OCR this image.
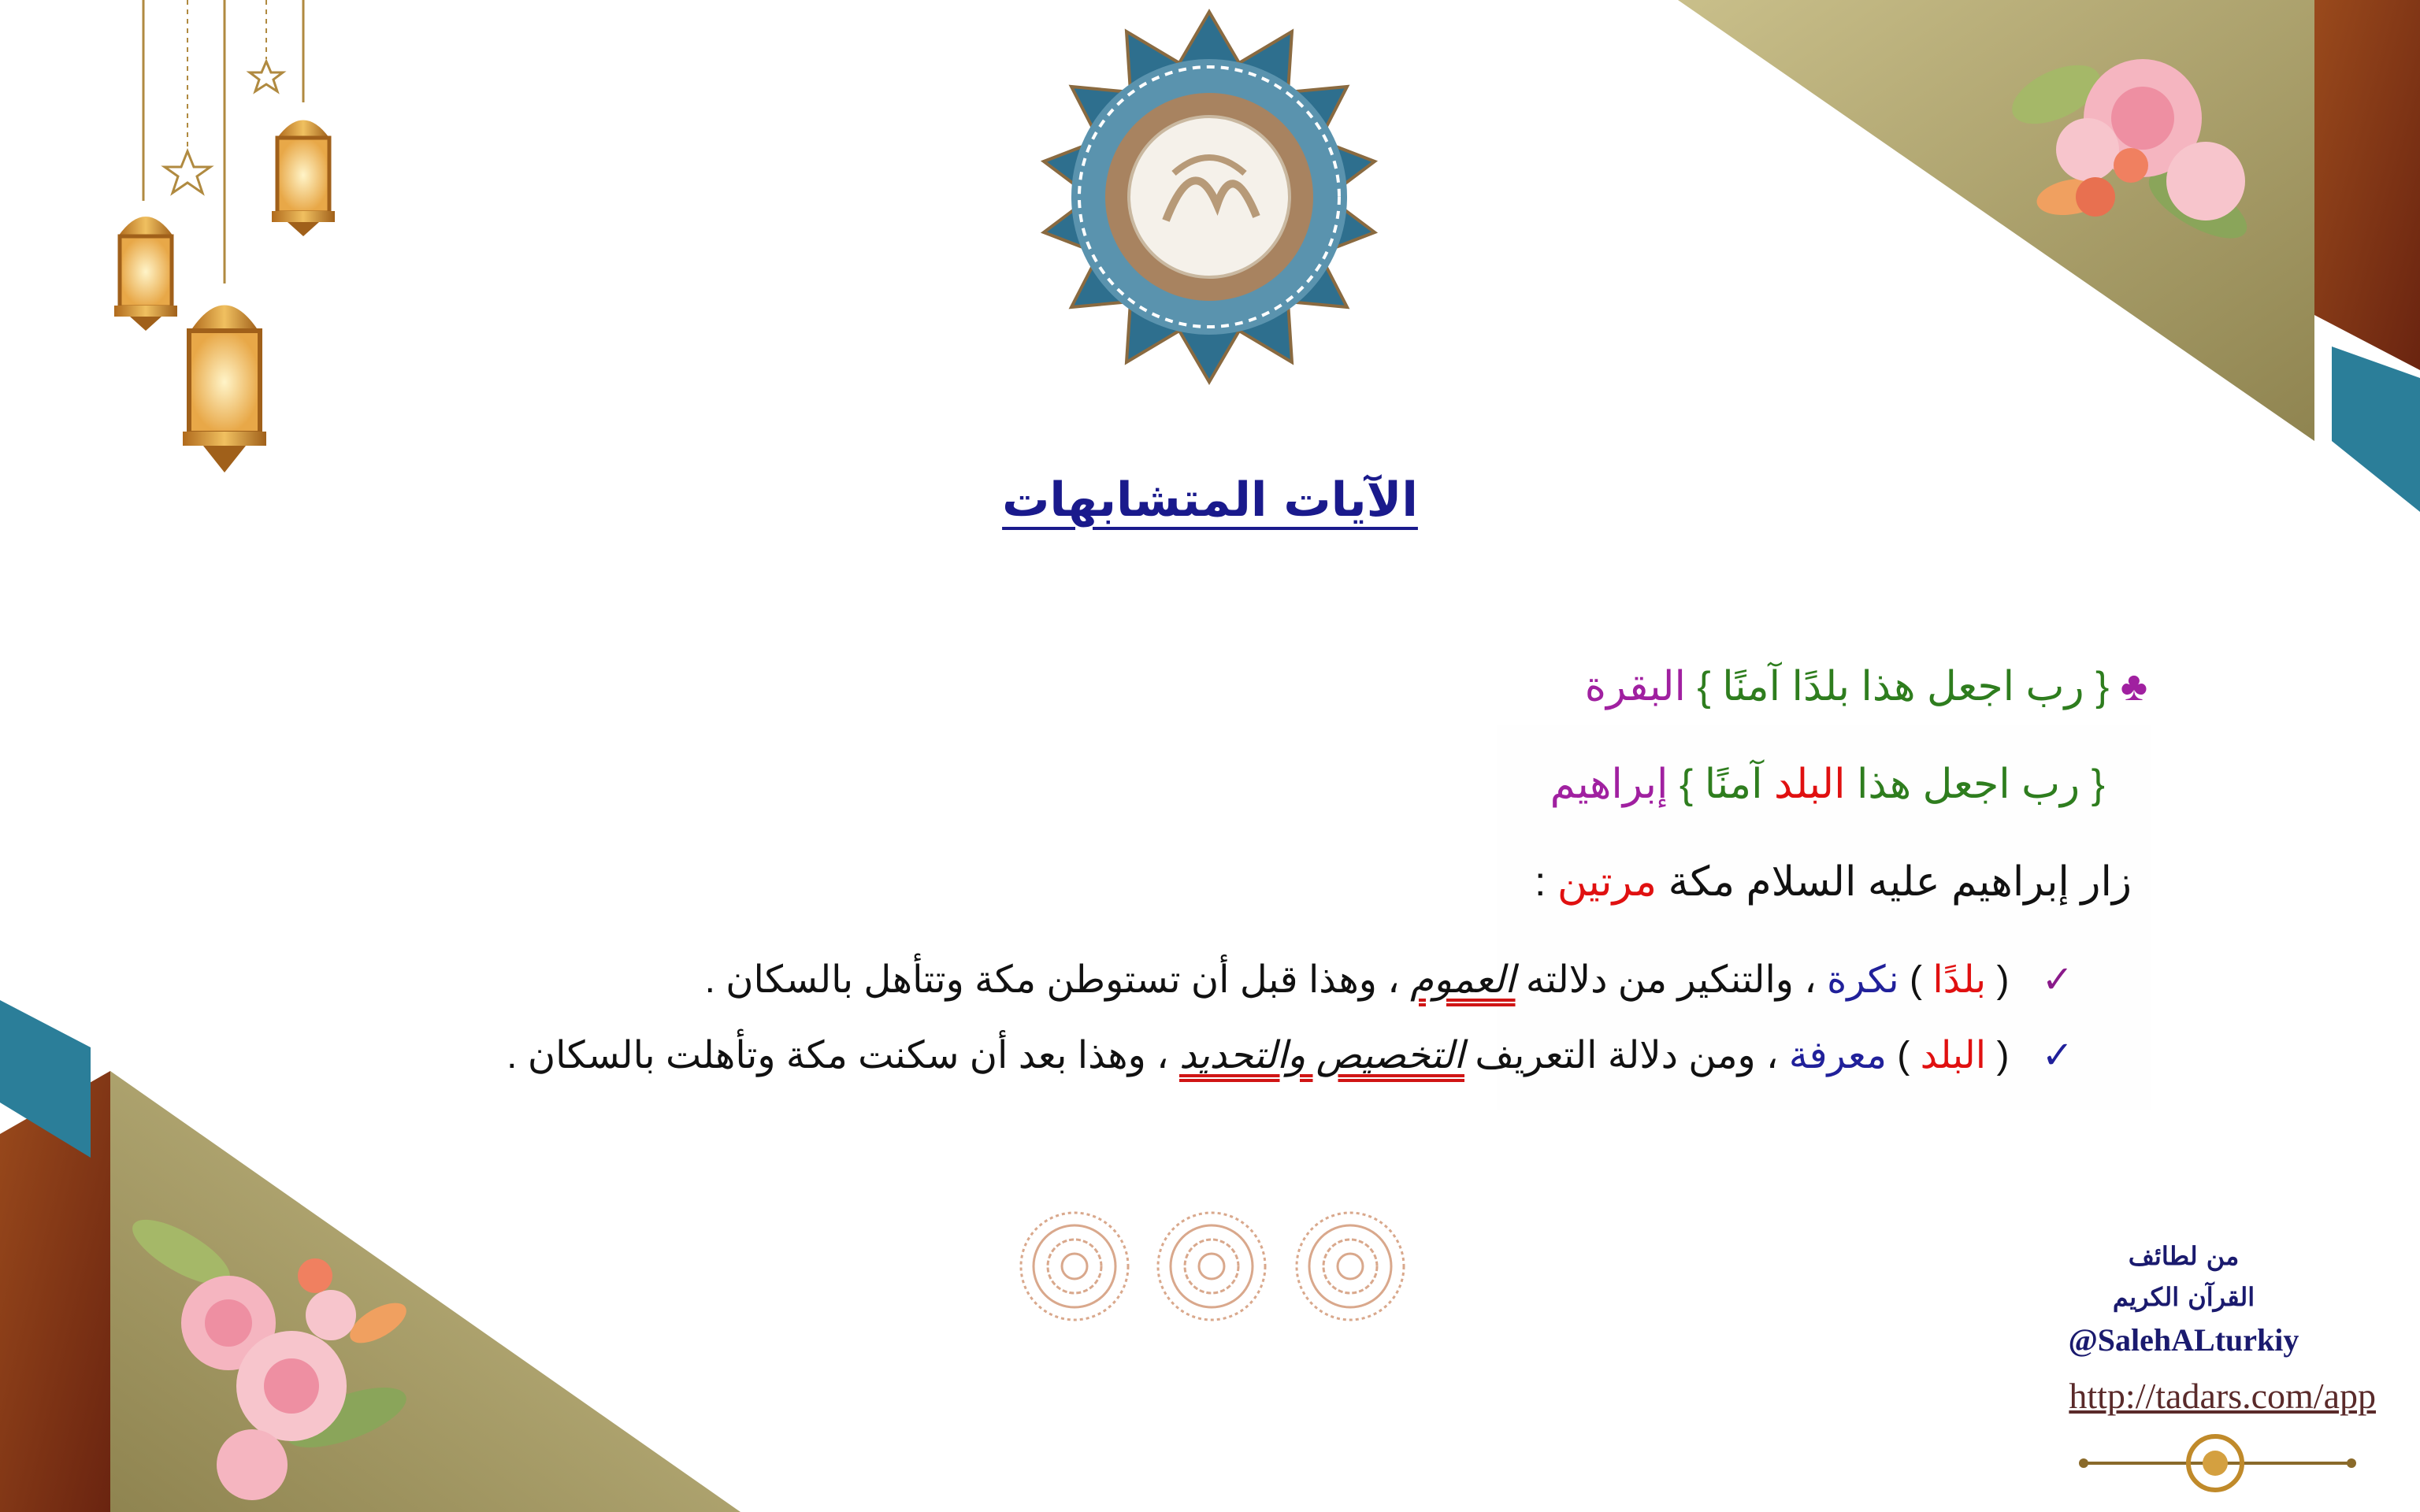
الآيات المتشابهات
♣ { رب اجعل هذا بلدًا آمنًا } البقرة
{ رب اجعل هذا البلد آمنًا } إبراهيم
زار إبراهيم عليه السلام مكة مرتين :
✓ ( بلدًا ) نكرة ، والتنكير من دلالته العموم ، وهذا قبل أن تستوطن مكة وتتأهل بالسكان .
✓ ( البلد ) معرفة ، ومن دلالة التعريف التخصيص والتحديد ، وهذا بعد أن سكنت مكة وتأهلت بالسكان .
من لطائف
القرآن الكريم
@SalehALturkiy
http://tadars.com/app
